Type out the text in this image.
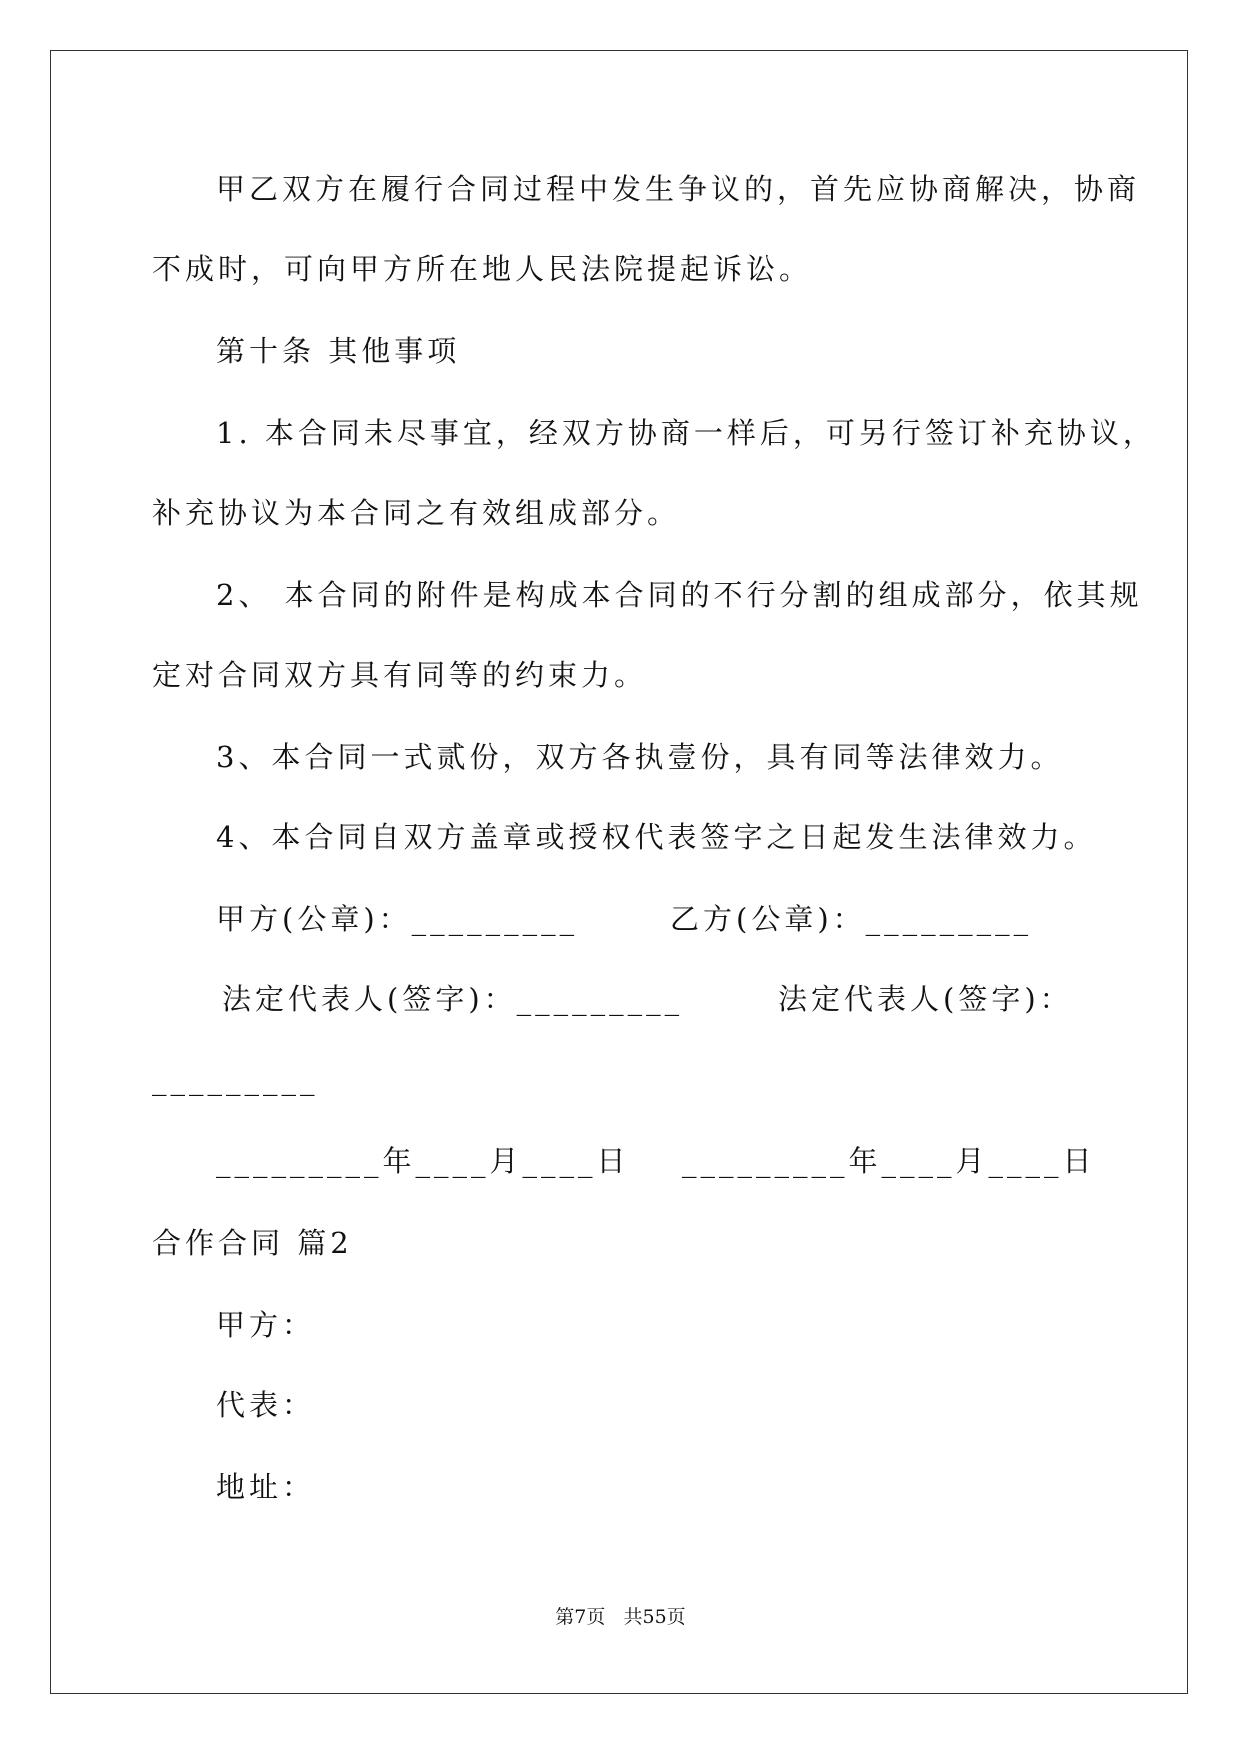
甲乙双方在履行合同过程中发生争议的，首先应协商解决，协商
不成时，可向甲方所在地人民法院提起诉讼。
第十条 其他事项
1. 本合同未尽事宜，经双方协商一样后，可另行签订补充协议，
补充协议为本合同之有效组成部分。
2、 本合同的附件是构成本合同的不行分割的组成部分，依其规
定对合同双方具有同等的约束力。
3、本合同一式贰份，双方各执壹份，具有同等法律效力。
4、本合同自双方盖章或授权代表签字之日起发生法律效力。
甲方(公章)：_________	乙方(公章)：_________
法定代表人(签字)：_________	法定代表人(签字)：
_________
_________年____月____日 _________年____月____日
合作合同 篇2
甲方：
代表：
地址：
第7页   共55页
